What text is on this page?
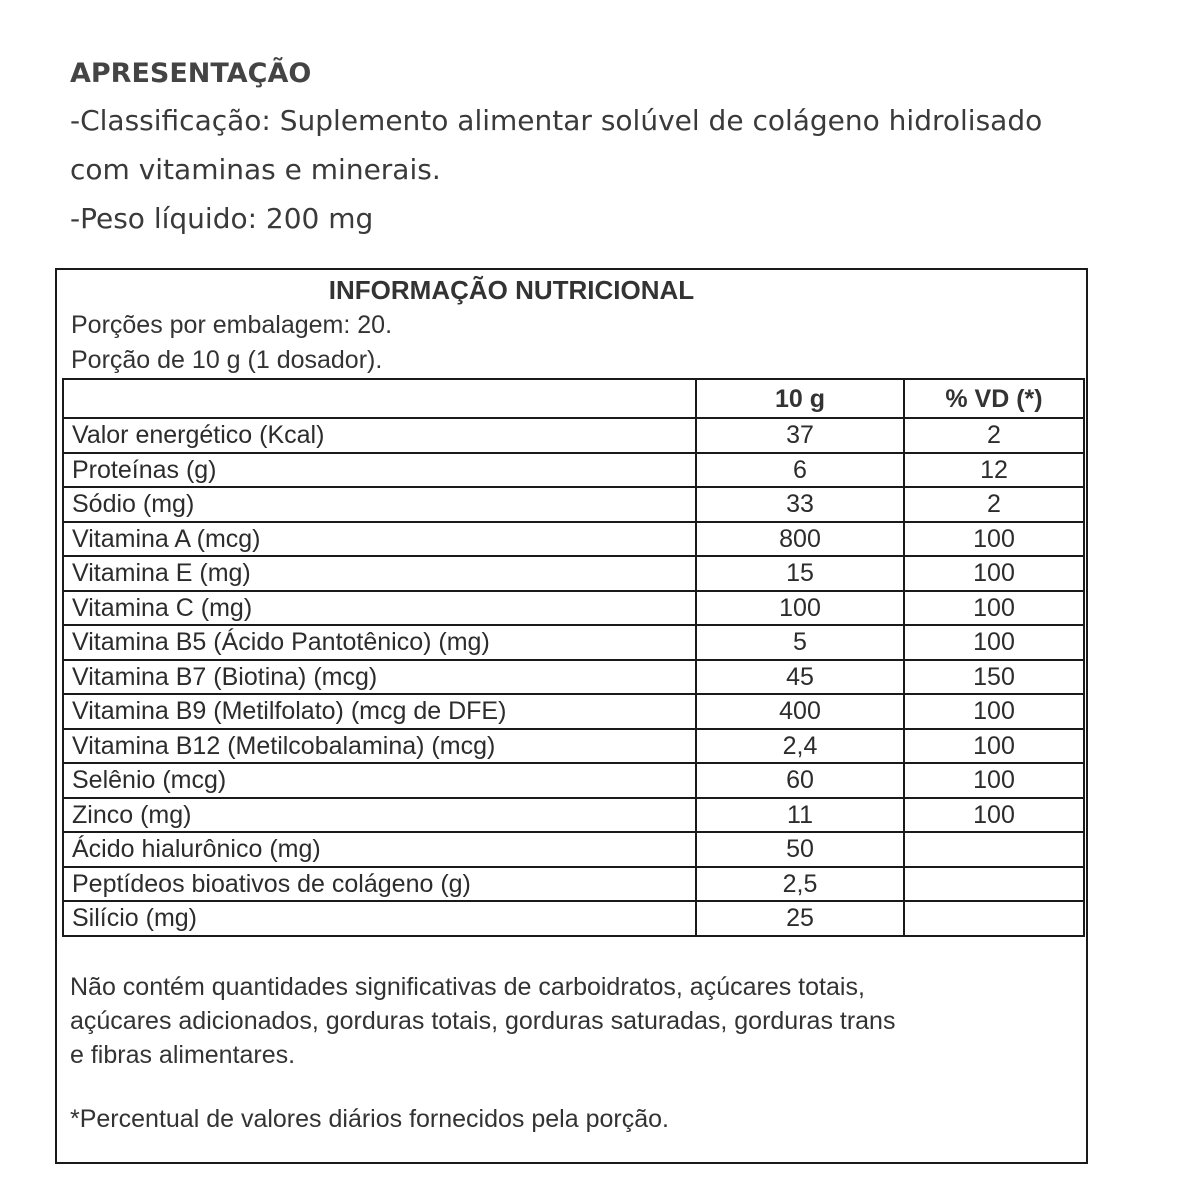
APRESENTAÇÃO
-Classificação: Suplemento alimentar solúvel de colágeno hidrolisado
com vitaminas e minerais.
-Peso líquido: 200 mg
INFORMAÇÃO NUTRICIONAL
Porções por embalagem: 20.
Porção de 10 g (1 dosador).
	10 g	% VD (*)
Valor energético (Kcal)	37	2
Proteínas (g)	6	12
Sódio (mg)	33	2
Vitamina A (mcg)	800	100
Vitamina E (mg)	15	100
Vitamina C (mg)	100	100
Vitamina B5 (Ácido Pantotênico) (mg)	5	100
Vitamina B7 (Biotina) (mcg)	45	150
Vitamina B9 (Metilfolato) (mcg de DFE)	400	100
Vitamina B12 (Metilcobalamina) (mcg)	2,4	100
Selênio (mcg)	60	100
Zinco (mg)	11	100
Ácido hialurônico (mg)	50	
Peptídeos bioativos de colágeno (g)	2,5	
Silício (mg)	25	
Não contém quantidades significativas de carboidratos, açúcares totais,
açúcares adicionados, gorduras totais, gorduras saturadas, gorduras trans
e fibras alimentares.
*Percentual de valores diários fornecidos pela porção.
